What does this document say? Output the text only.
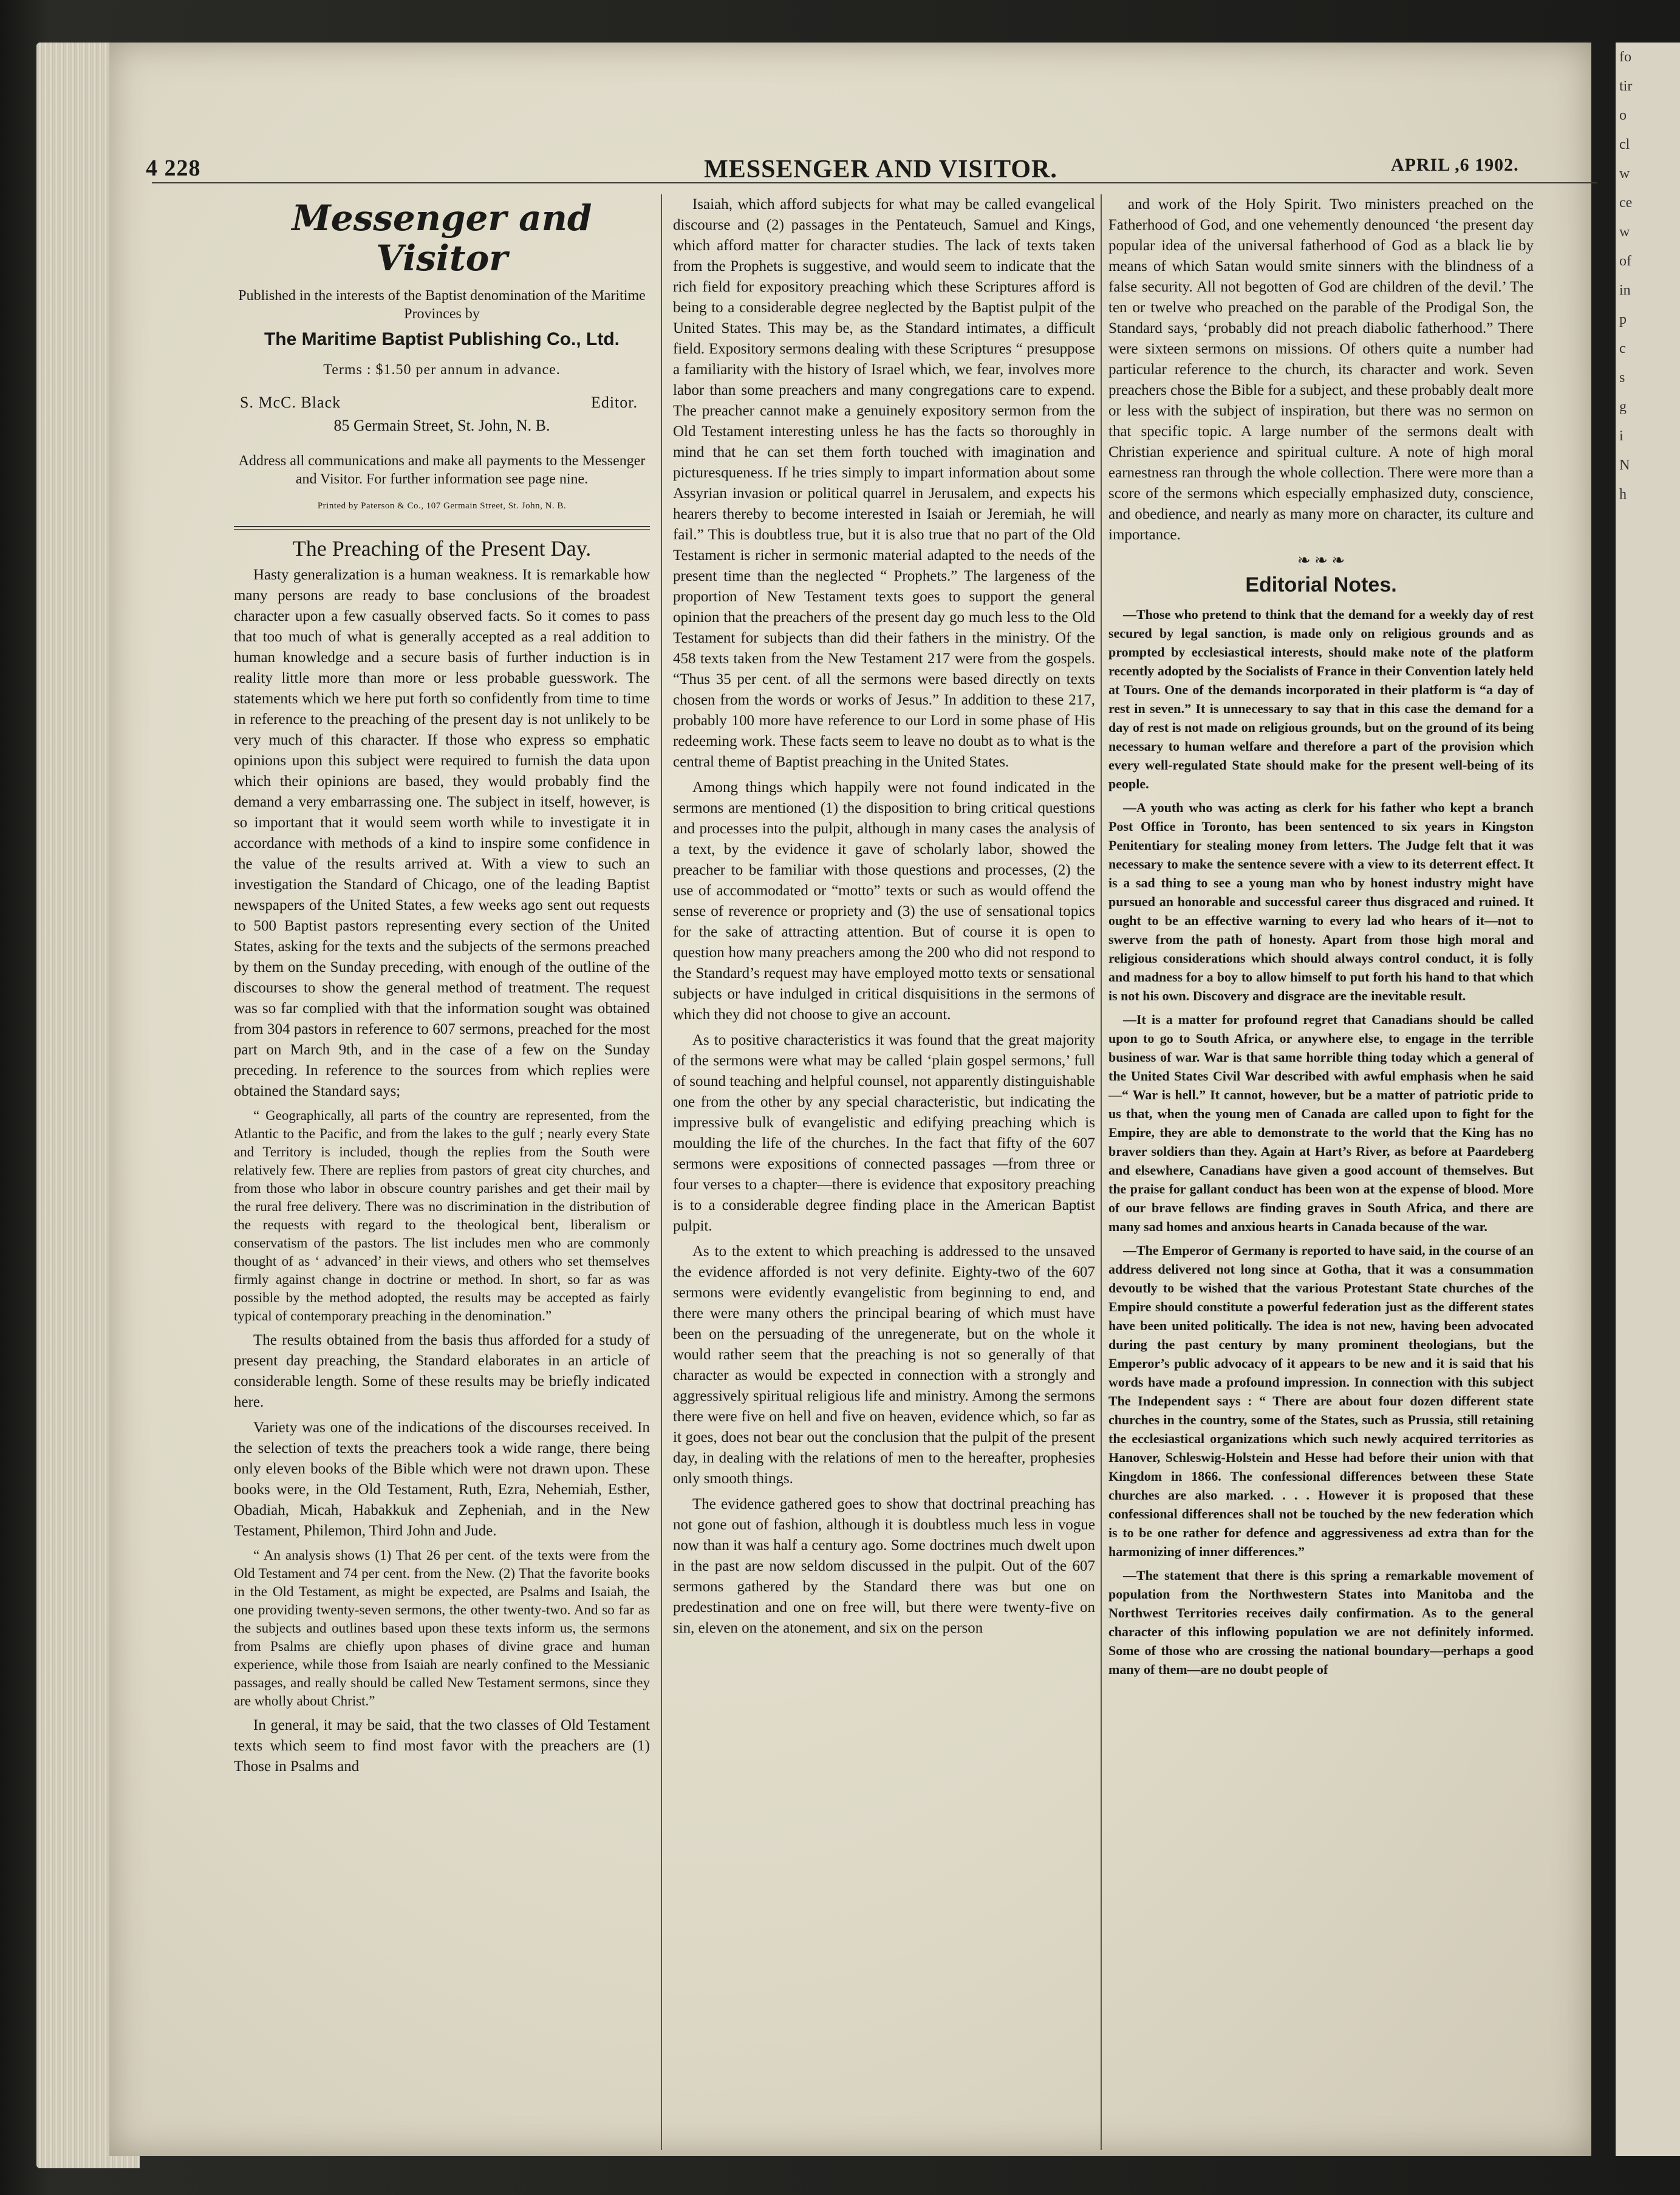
fo
tir
o
cl
w
ce
w
of
in
p
c
s
g
i
N
h
4 228	MESSENGER AND VISITOR.	APRIL ,6 1902.
Messenger and Visitor
Published in the interests of the Baptist denomination of the Maritime Provinces by
The Maritime Baptist Publishing Co., Ltd.
Terms : $1.50 per annum in advance.
S. McC. Black	Editor.
85 Germain Street, St. John, N. B.
Address all communications and make all payments to the Messenger and Visitor. For further information see page nine.
Printed by Paterson & Co., 107 Germain Street, St. John, N. B.
The Preaching of the Present Day.

Hasty generalization is a human weakness. It is remarkable how many persons are ready to base conclusions of the broadest character upon a few casually observed facts. So it comes to pass that too much of what is generally accepted as a real addition to human knowledge and a secure basis of further induction is in reality little more than more or less probable guesswork. The statements which we here put forth so confidently from time to time in reference to the preaching of the present day is not unlikely to be very much of this character. If those who express so emphatic opinions upon this subject were required to furnish the data upon which their opinions are based, they would probably find the demand a very embarrassing one. The subject in itself, however, is so important that it would seem worth while to investigate it in accordance with methods of a kind to inspire some confidence in the value of the results arrived at. With a view to such an investigation the Standard of Chicago, one of the leading Baptist newspapers of the United States, a few weeks ago sent out requests to 500 Baptist pastors representing every section of the United States, asking for the texts and the subjects of the sermons preached by them on the Sunday preceding, with enough of the outline of the discourses to show the general method of treatment. The request was so far complied with that the information sought was obtained from 304 pastors in reference to 607 sermons, preached for the most part on March 9th, and in the case of a few on the Sunday preceding. In reference to the sources from which replies were obtained the Standard says;

“ Geographically, all parts of the country are represented, from the Atlantic to the Pacific, and from the lakes to the gulf ; nearly every State and Territory is included, though the replies from the South were relatively few. There are replies from pastors of great city churches, and from those who labor in obscure country parishes and get their mail by the rural free delivery. There was no discrimination in the distribution of the requests with regard to the theological bent, liberalism or conservatism of the pastors. The list includes men who are commonly thought of as ‘ advanced’ in their views, and others who set themselves firmly against change in doctrine or method. In short, so far as was possible by the method adopted, the results may be accepted as fairly typical of contemporary preaching in the denomination.”

The results obtained from the basis thus afforded for a study of present day preaching, the Standard elaborates in an article of considerable length. Some of these results may be briefly indicated here.

Variety was one of the indications of the discourses received. In the selection of texts the preachers took a wide range, there being only eleven books of the Bible which were not drawn upon. These books were, in the Old Testament, Ruth, Ezra, Nehemiah, Esther, Obadiah, Micah, Habakkuk and Zepheniah, and in the New Testament, Philemon, Third John and Jude.

“ An analysis shows (1) That 26 per cent. of the texts were from the Old Testament and 74 per cent. from the New. (2) That the favorite books in the Old Testament, as might be expected, are Psalms and Isaiah, the one providing twenty-seven sermons, the other twenty-two. And so far as the subjects and outlines based upon these texts inform us, the sermons from Psalms are chiefly upon phases of divine grace and human experience, while those from Isaiah are nearly confined to the Messianic passages, and really should be called New Testament sermons, since they are wholly about Christ.”

In general, it may be said, that the two classes of Old Testament texts which seem to find most favor with the preachers are (1) Those in Psalms and

Isaiah, which afford subjects for what may be called evangelical discourse and (2) passages in the Pentateuch, Samuel and Kings, which afford matter for character studies. The lack of texts taken from the Prophets is suggestive, and would seem to indicate that the rich field for expository preaching which these Scriptures afford is being to a considerable degree neglected by the Baptist pulpit of the United States. This may be, as the Standard intimates, a difficult field. Expository sermons dealing with these Scriptures “ presuppose a familiarity with the history of Israel which, we fear, involves more labor than some preachers and many congregations care to expend. The preacher cannot make a genuinely expository sermon from the Old Testament interesting unless he has the facts so thoroughly in mind that he can set them forth touched with imagination and picturesqueness. If he tries simply to impart information about some Assyrian invasion or political quarrel in Jerusalem, and expects his hearers thereby to become interested in Isaiah or Jeremiah, he will fail.” This is doubtless true, but it is also true that no part of the Old Testament is richer in sermonic material adapted to the needs of the present time than the neglected “ Prophets.” The largeness of the proportion of New Testament texts goes to support the general opinion that the preachers of the present day go much less to the Old Testament for subjects than did their fathers in the ministry. Of the 458 texts taken from the New Testament 217 were from the gospels. “Thus 35 per cent. of all the sermons were based directly on texts chosen from the words or works of Jesus.” In addition to these 217, probably 100 more have reference to our Lord in some phase of His redeeming work. These facts seem to leave no doubt as to what is the central theme of Baptist preaching in the United States.

Among things which happily were not found indicated in the sermons are mentioned (1) the disposition to bring critical questions and processes into the pulpit, although in many cases the analysis of a text, by the evidence it gave of scholarly labor, showed the preacher to be familiar with those questions and processes, (2) the use of accommodated or “motto” texts or such as would offend the sense of reverence or propriety and (3) the use of sensational topics for the sake of attracting attention. But of course it is open to question how many preachers among the 200 who did not respond to the Standard’s request may have employed motto texts or sensational subjects or have indulged in critical disquisitions in the sermons of which they did not choose to give an account.

As to positive characteristics it was found that the great majority of the sermons were what may be called ‘plain gospel sermons,’ full of sound teaching and helpful counsel, not apparently distinguishable one from the other by any special characteristic, but indicating the impressive bulk of evangelistic and edifying preaching which is moulding the life of the churches. In the fact that fifty of the 607 sermons were expositions of connected passages —from three or four verses to a chapter—there is evidence that expository preaching is to a considerable degree finding place in the American Baptist pulpit.

As to the extent to which preaching is addressed to the unsaved the evidence afforded is not very definite. Eighty-two of the 607 sermons were evidently evangelistic from beginning to end, and there were many others the principal bearing of which must have been on the persuading of the unregenerate, but on the whole it would rather seem that the preaching is not so generally of that character as would be expected in connection with a strongly and aggressively spiritual religious life and ministry. Among the sermons there were five on hell and five on heaven, evidence which, so far as it goes, does not bear out the conclusion that the pulpit of the present day, in dealing with the relations of men to the hereafter, prophesies only smooth things.

The evidence gathered goes to show that doctrinal preaching has not gone out of fashion, although it is doubtless much less in vogue now than it was half a century ago. Some doctrines much dwelt upon in the past are now seldom discussed in the pulpit. Out of the 607 sermons gathered by the Standard there was but one on predestination and one on free will, but there were twenty-five on sin, eleven on the atonement, and six on the person

and work of the Holy Spirit. Two ministers preached on the Fatherhood of God, and one vehemently denounced ‘the present day popular idea of the universal fatherhood of God as a black lie by means of which Satan would smite sinners with the blindness of a false security. All not begotten of God are children of the devil.’ The ten or twelve who preached on the parable of the Prodigal Son, the Standard says, ‘probably did not preach diabolic fatherhood.” There were sixteen sermons on missions. Of others quite a number had particular reference to the church, its character and work. Seven preachers chose the Bible for a subject, and these probably dealt more or less with the subject of inspiration, but there was no sermon on that specific topic. A large number of the sermons dealt with Christian experience and spiritual culture. A note of high moral earnestness ran through the whole collection. There were more than a score of the sermons which especially emphasized duty, conscience, and obedience, and nearly as many more on character, its culture and importance.

❧ ❧ ❧
Editorial Notes.

—Those who pretend to think that the demand for a weekly day of rest secured by legal sanction, is made only on religious grounds and as prompted by ecclesiastical interests, should make note of the platform recently adopted by the Socialists of France in their Convention lately held at Tours. One of the demands incorporated in their platform is “a day of rest in seven.” It is unnecessary to say that in this case the demand for a day of rest is not made on religious grounds, but on the ground of its being necessary to human welfare and therefore a part of the provision which every well-regulated State should make for the present well-being of its people.

—A youth who was acting as clerk for his father who kept a branch Post Office in Toronto, has been sentenced to six years in Kingston Penitentiary for stealing money from letters. The Judge felt that it was necessary to make the sentence severe with a view to its deterrent effect. It is a sad thing to see a young man who by honest industry might have pursued an honorable and successful career thus disgraced and ruined. It ought to be an effective warning to every lad who hears of it—not to swerve from the path of honesty. Apart from those high moral and religious considerations which should always control conduct, it is folly and madness for a boy to allow himself to put forth his hand to that which is not his own. Discovery and disgrace are the inevitable result.

—It is a matter for profound regret that Canadians should be called upon to go to South Africa, or anywhere else, to engage in the terrible business of war. War is that same horrible thing today which a general of the United States Civil War described with awful emphasis when he said—“ War is hell.” It cannot, however, but be a matter of patriotic pride to us that, when the young men of Canada are called upon to fight for the Empire, they are able to demonstrate to the world that the King has no braver soldiers than they. Again at Hart’s River, as before at Paardeberg and elsewhere, Canadians have given a good account of themselves. But the praise for gallant conduct has been won at the expense of blood. More of our brave fellows are finding graves in South Africa, and there are many sad homes and anxious hearts in Canada because of the war.

—The Emperor of Germany is reported to have said, in the course of an address delivered not long since at Gotha, that it was a consummation devoutly to be wished that the various Protestant State churches of the Empire should constitute a powerful federation just as the different states have been united politically. The idea is not new, having been advocated during the past century by many prominent theologians, but the Emperor’s public advocacy of it appears to be new and it is said that his words have made a profound impression. In connection with this subject The Independent says : “ There are about four dozen different state churches in the country, some of the States, such as Prussia, still retaining the ecclesiastical organizations which such newly acquired territories as Hanover, Schleswig-Holstein and Hesse had before their union with that Kingdom in 1866. The confessional differences between these State churches are also marked. . . . However it is proposed that these confessional differences shall not be touched by the new federation which is to be one rather for defence and aggressiveness ad extra than for the harmonizing of inner differences.”

—The statement that there is this spring a remarkable movement of population from the Northwestern States into Manitoba and the Northwest Territories receives daily confirmation. As to the general character of this inflowing population we are not definitely informed. Some of those who are crossing the national boundary—perhaps a good many of them—are no doubt people of
